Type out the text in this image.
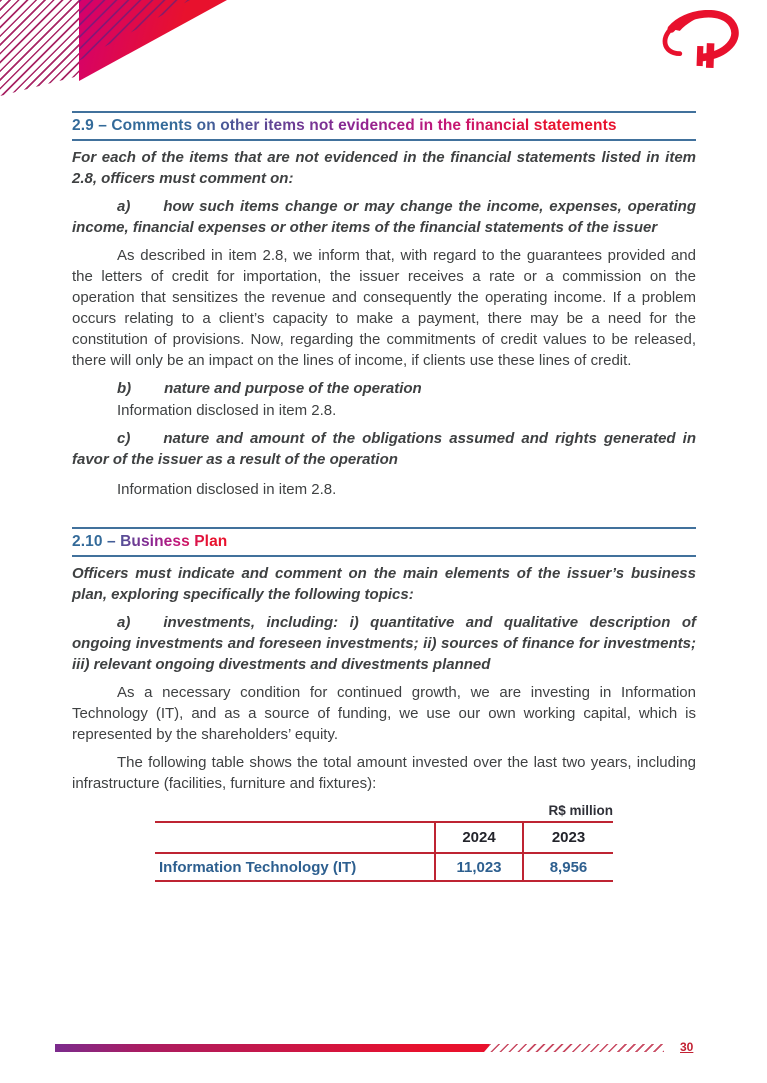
2.9 – Comments on other items not evidenced in the financial statements

For each of the items that are not evidenced in the financial statements listed in item 2.8, officers must comment on:

a) how such items change or may change the income, expenses, operating income, financial expenses or other items of the financial statements of the issuer

As described in item 2.8, we inform that, with regard to the guarantees provided and the letters of credit for importation, the issuer receives a rate or a commission on the operation that sensitizes the revenue and consequently the operating income. If a problem occurs relating to a client’s capacity to make a payment, there may be a need for the constitution of provisions. Now, regarding the commitments of credit values to be released, there will only be an impact on the lines of income, if clients use these lines of credit.

b) nature and purpose of the operation

Information disclosed in item 2.8.

c) nature and amount of the obligations assumed and rights generated in favor of the issuer as a result of the operation

Information disclosed in item 2.8.

2.10 – Business Plan

Officers must indicate and comment on the main elements of the issuer’s business plan, exploring specifically the following topics:

a) investments, including: i) quantitative and qualitative description of ongoing investments and foreseen investments; ii) sources of finance for investments; iii) relevant ongoing divestments and divestments planned

As a necessary condition for continued growth, we are investing in Information Technology (IT), and as a source of funding, we use our own working capital, which is represented by the shareholders’ equity.

The following table shows the total amount invested over the last two years, including infrastructure (facilities, furniture and fixtures):

R$ million
	2024	2023
Information Technology (IT)	11,023	8,956
30
